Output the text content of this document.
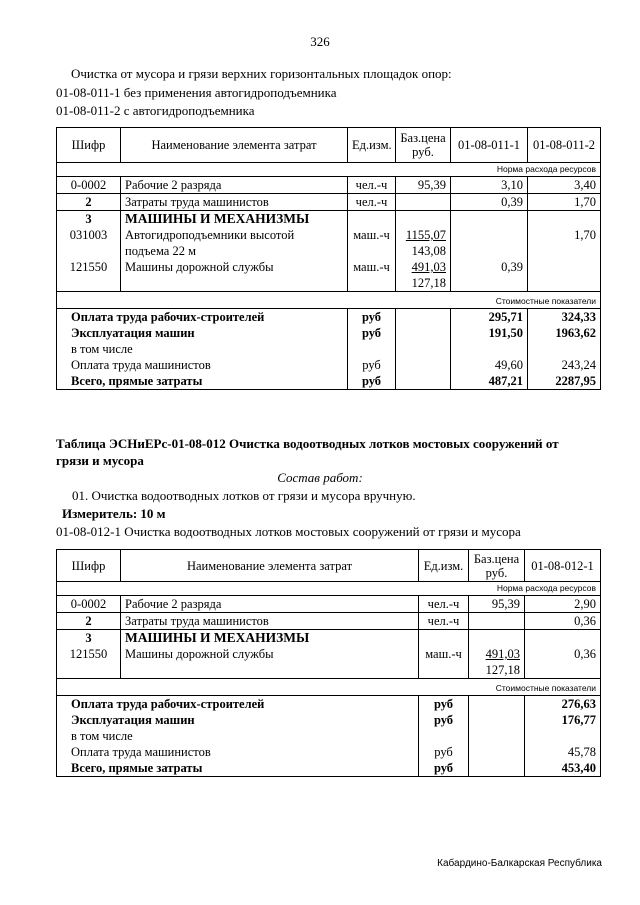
326
Очистка от мусора и грязи верхних горизонтальных площадок опор:
01-08-011-1 без применения автогидроподъемника
01-08-011-2 с автогидроподъемника
Шифр	Наименование элемента затрат	Ед.изм.	Баз.цена руб.	01-08-011-1	01-08-011-2
Норма расхода ресурсов					
0-0002	Рабочие 2 разряда	чел.-ч	95,39	3,10	3,40
2	Затраты труда машинистов	чел.-ч		0,39	1,70
3	МАШИНЫ И МЕХАНИЗМЫ				
031003	Автогидроподъемники высотой	маш.-ч	1155,07		1,70
	подъема 22 м		143,08		
121550	Машины дорожной службы	маш.-ч	491,03	0,39	
			127,18		
Стоимостные показатели					
Оплата труда рабочих-строителей		руб		295,71	324,33
Эксплуатация машин		руб		191,50	1963,62
в том числе					
Оплата труда машинистов		руб		49,60	243,24
Всего, прямые затраты		руб		487,21	2287,95
Таблица ЭСНиЕРс-01-08-012 Очистка водоотводных лотков мостовых сооружений от
грязи и мусора
Состав работ:
01. Очистка водоотводных лотков от грязи и мусора вручную.
Измеритель: 10 м
01-08-012-1 Очистка водоотводных лотков мостовых сооружений от грязи и мусора
Шифр	Наименование элемента затрат	Ед.изм.	Баз.цена руб.	01-08-012-1
Норма расхода ресурсов				
0-0002	Рабочие 2 разряда	чел.-ч	95,39	2,90
2	Затраты труда машинистов	чел.-ч		0,36
3	МАШИНЫ И МЕХАНИЗМЫ			
121550	Машины дорожной службы	маш.-ч	491,03	0,36
			127,18	
Стоимостные показатели				
Оплата труда рабочих-строителей		руб		276,63
Эксплуатация машин		руб		176,77
в том числе				
Оплата труда машинистов		руб		45,78
Всего, прямые затраты		руб		453,40
Кабардино-Балкарская Республика
